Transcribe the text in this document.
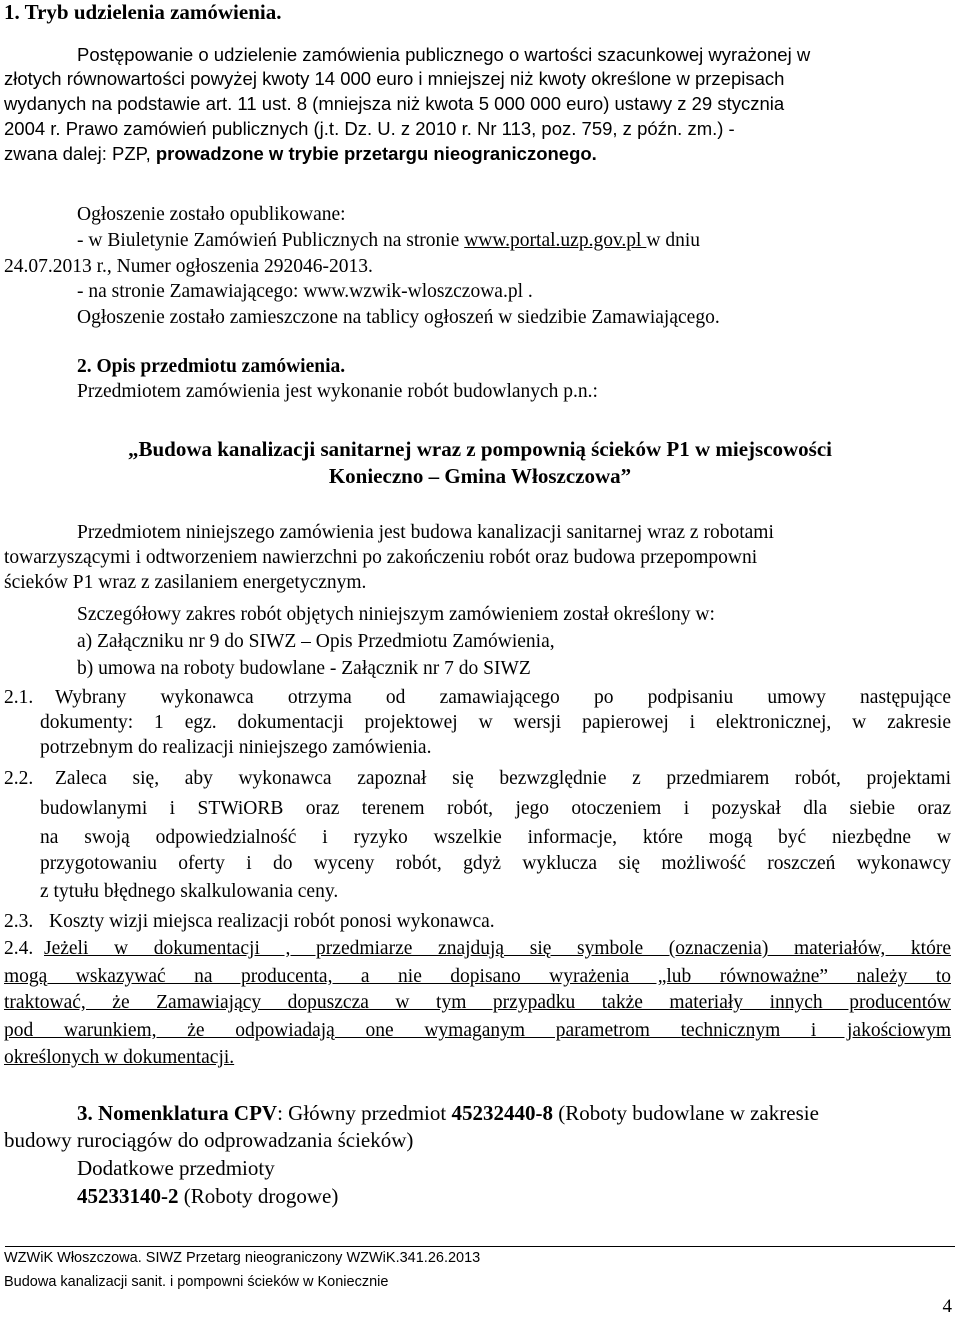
1. Tryb udzielenia zamówienia.
Postępowanie o udzielenie zamówienia publicznego o wartości szacunkowej wyrażonej w
złotych równowartości powyżej kwoty 14 000 euro i mniejszej niż kwoty określone w przepisach
wydanych na podstawie art. 11 ust. 8 (mniejsza niż kwota 5 000 000 euro) ustawy z 29 stycznia
2004 r. Prawo zamówień publicznych (j.t. Dz. U. z 2010 r. Nr 113, poz. 759, z późn. zm.) -
zwana dalej: PZP, prowadzone w trybie przetargu nieograniczonego.
Ogłoszenie zostało opublikowane:
- w Biuletynie Zamówień Publicznych na stronie www.portal.uzp.gov.pl w dniu
24.07.2013 r., Numer ogłoszenia 292046-2013.
- na stronie Zamawiającego: www.wzwik-wloszczowa.pl .
Ogłoszenie zostało zamieszczone na tablicy ogłoszeń w siedzibie Zamawiającego.
2. Opis przedmiotu zamówienia.
Przedmiotem zamówienia jest wykonanie robót budowlanych p.n.:
„Budowa kanalizacji sanitarnej wraz z pompownią ścieków P1 w miejscowości
Konieczno – Gmina Włoszczowa”
Przedmiotem niniejszego zamówienia jest budowa kanalizacji sanitarnej wraz z robotami
towarzyszącymi i odtworzeniem nawierzchni po zakończeniu robót oraz budowa przepompowni
ścieków P1 wraz z zasilaniem energetycznym.
Szczegółowy zakres robót objętych niniejszym zamówieniem został określony w:
a) Załączniku nr 9 do SIWZ – Opis Przedmiotu Zamówienia,
b) umowa na roboty budowlane - Załącznik nr 7 do SIWZ
2.1. Wybrany wykonawca otrzyma od zamawiającego po podpisaniu umowy następujące
dokumenty: 1 egz. dokumentacji projektowej w wersji papierowej i elektronicznej, w zakresie
potrzebnym do realizacji niniejszego zamówienia.
2.2. Zaleca się, aby wykonawca zapoznał się bezwzględnie z przedmiarem robót, projektami
budowlanymi i STWiORB oraz terenem robót, jego otoczeniem i pozyskał dla siebie oraz
na swoją odpowiedzialność i ryzyko wszelkie informacje, które mogą być niezbędne w
przygotowaniu oferty i do wyceny robót, gdyż wyklucza się możliwość roszczeń wykonawcy
z tytułu błędnego skalkulowania ceny.
2.3. Koszty wizji miejsca realizacji robót ponosi wykonawca.
2.4. Jeżeli w dokumentacji , przedmiarze znajdują się symbole (oznaczenia) materiałów, które
mogą wskazywać na producenta, a nie dopisano wyrażenia „lub równoważne” należy to
traktować, że Zamawiający dopuszcza w tym przypadku także materiały innych producentów
pod warunkiem, że odpowiadają one wymaganym parametrom technicznym i jakościowym
określonych w dokumentacji.
3. Nomenklatura CPV: Główny przedmiot 45232440-8 (Roboty budowlane w zakresie
budowy rurociągów do odprowadzania ścieków)
Dodatkowe przedmioty
45233140-2 (Roboty drogowe)
WZWiK Włoszczowa. SIWZ Przetarg nieograniczony WZWiK.341.26.2013
Budowa kanalizacji sanit. i pompowni ścieków w Koniecznie
4
